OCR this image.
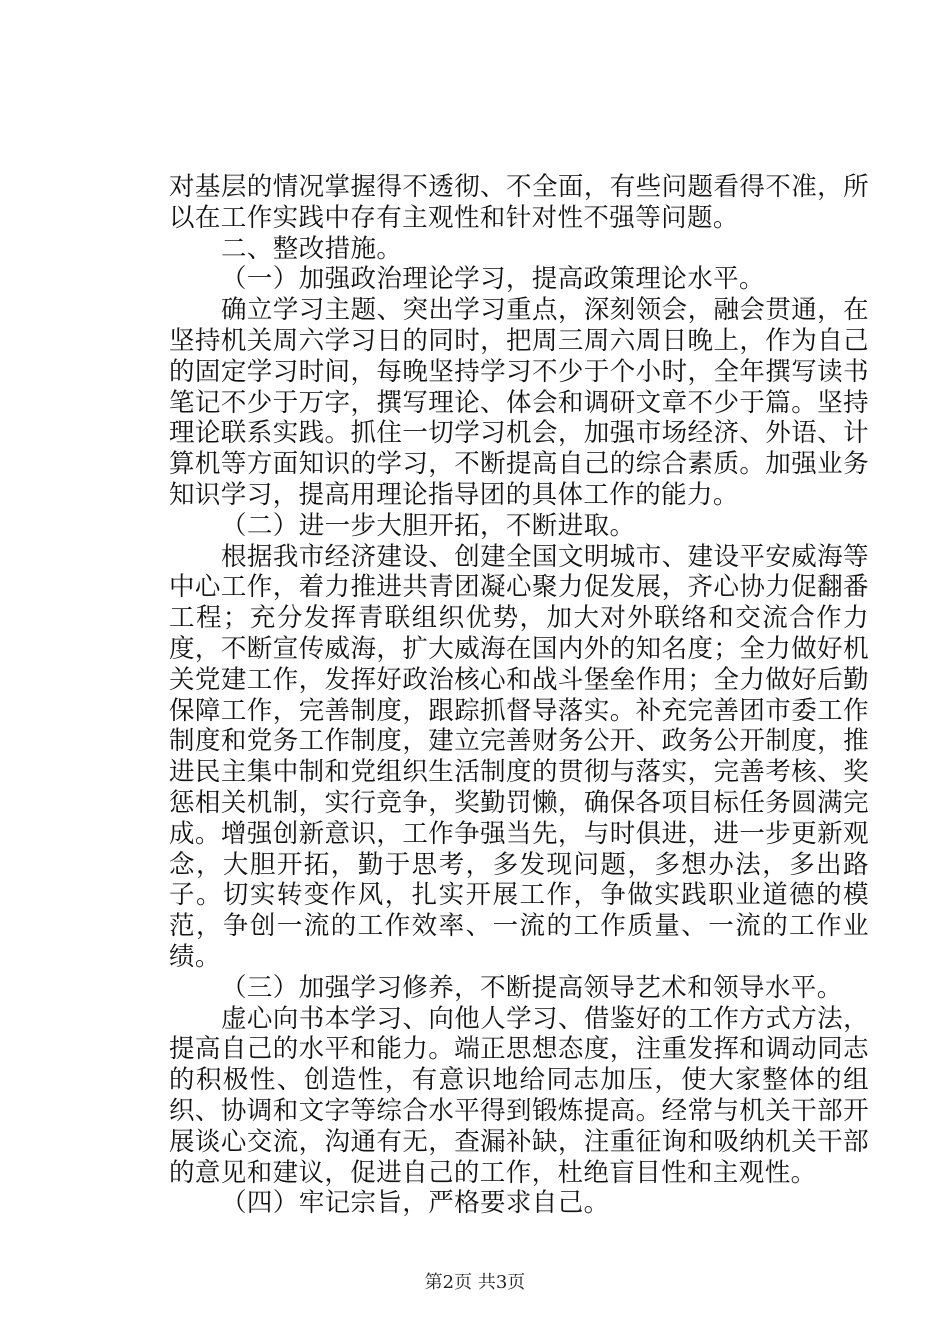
对基层的情况掌握得不透彻、不全面，有些问题看得不准，所以在工作实践中存有主观性和针对性不强等问题。

二、整改措施。

（一）加强政治理论学习，提高政策理论水平。

确立学习主题、突出学习重点，深刻领会，融会贯通，在坚持机关周六学习日的同时，把周三周六周日晚上，作为自己的固定学习时间，每晚坚持学习不少于个小时，全年撰写读书笔记不少于万字，撰写理论、体会和调研文章不少于篇。坚持理论联系实践。抓住一切学习机会，加强市场经济、外语、计算机等方面知识的学习，不断提高自己的综合素质。加强业务知识学习，提高用理论指导团的具体工作的能力。

（二）进一步大胆开拓，不断进取。

根据我市经济建设、创建全国文明城市、建设平安威海等中心工作，着力推进共青团凝心聚力促发展，齐心协力促翻番工程；充分发挥青联组织优势，加大对外联络和交流合作力度，不断宣传威海，扩大威海在国内外的知名度；全力做好机关党建工作，发挥好政治核心和战斗堡垒作用；全力做好后勤保障工作，完善制度，跟踪抓督导落实。补充完善团市委工作制度和党务工作制度，建立完善财务公开、政务公开制度，推进民主集中制和党组织生活制度的贯彻与落实，完善考核、奖惩相关机制，实行竞争，奖勤罚懒，确保各项目标任务圆满完成。增强创新意识，工作争强当先，与时俱进，进一步更新观念，大胆开拓，勤于思考，多发现问题，多想办法，多出路子。切实转变作风，扎实开展工作，争做实践职业道德的模范，争创一流的工作效率、一流的工作质量、一流的工作业绩。

（三）加强学习修养，不断提高领导艺术和领导水平。

虚心向书本学习、向他人学习、借鉴好的工作方式方法，提高自己的水平和能力。端正思想态度，注重发挥和调动同志的积极性、创造性，有意识地给同志加压，使大家整体的组织、协调和文字等综合水平得到锻炼提高。经常与机关干部开展谈心交流，沟通有无，查漏补缺，注重征询和吸纳机关干部的意见和建议，促进自己的工作，杜绝盲目性和主观性。

（四）牢记宗旨，严格要求自己。

第2页 共3页
